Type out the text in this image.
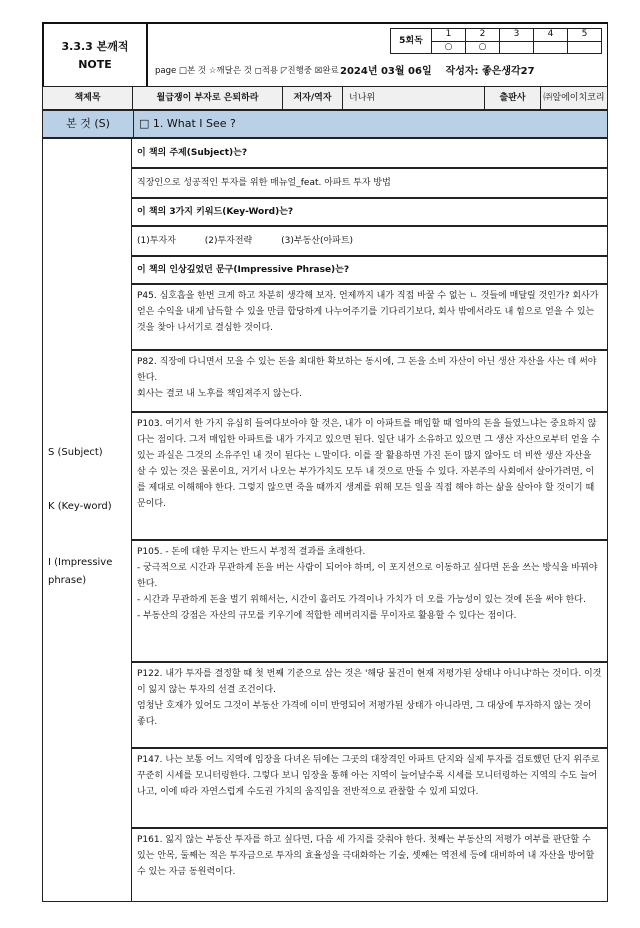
3.3.3 본깨적
NOTE
5회독	1	2	3	4	5
	○	○			
page □본 것 ☆깨달은 것 ◻적용 ◸진행중 ☒완료 2024년 03월 06일 작성자: 좋은생각27
책제목	월급쟁이 부자로 은퇴하라	저자/역자	너나위	출판사	㈜알에이치코리
본 것 (S)	□ 1. What I See ?
S (Subject)
K (Key-word)
I (Impressive
phrase)
이 책의 주제(Subject)는?
직장인으로 성공적인 투자를 위한 매뉴얼_feat. 아파트 투자 방법
이 책의 3가지 키워드(Key-Word)는?
(1)투자자	(2)투자전략	(3)부동산(아파트)
이 책의 인상깊었던 문구(Impressive Phrase)는?

P45. 심호흡을 한번 크게 하고 차분히 생각해 보자. 언제까지 내가 직접 바꿀 수 없는 ㄴ 것들에 매달릴 것인가? 회사가 얻은 수익을 내게 납득할 수 있을 만큼 합당하게 나누어주기를 기다리기보다, 회사 밖에서라도 내 힘으로 얻을 수 있는 것을 찾아 나서기로 결심한 것이다.

P82. 직장에 다니면서 모을 수 있는 돈을 최대한 확보하는 동시에, 그 돈을 소비 자산이 아닌 생산 자산을 사는 데 써야 한다.

회사는 결코 내 노후를 책임져주지 않는다.

P103. 여기서 한 가지 유심히 들여다보아야 할 것은, 내가 이 아파트를 매입할 때 얼마의 돈을 들였느냐는 중요하지 않다는 점이다. 그저 매입한 아파트를 내가 가지고 있으면 된다. 일단 내가 소유하고 있으면 그 생산 자산으로부터 얻을 수 있는 과실은 그것의 소유주인 내 것이 된다는 ㄴ말이다. 이를 잘 활용하면 가진 돈이 많지 않아도 더 비싼 생산 자산을 살 수 있는 것은 물론이요, 거기서 나오는 부가가치도 모두 내 것으로 만들 수 있다. 자본주의 사회에서 살아가려면, 이를 제대로 이해해야 한다. 그렇지 않으면 죽을 때까지 생계를 위해 모든 일을 직접 해야 하는 삶을 살아야 할 것이기 때문이다.

P105. - 돈에 대한 무지는 반드시 부정적 결과를 초래한다.

- 궁극적으로 시간과 무관하게 돈을 버는 사람이 되어야 하며, 이 포지션으로 이동하고 싶다면 돈을 쓰는 방식을 바꿔야 한다.

- 시간과 무관하게 돈을 벌기 위해서는, 시간이 흘러도 가격이나 가치가 더 오를 가능성이 있는 것에 돈을 써야 한다.

- 부동산의 강점은 자산의 규모를 키우기에 적합한 레버리지를 무이자로 활용할 수 있다는 점이다.

P122. 내가 투자를 결정할 때 첫 번째 기준으로 삼는 것은 '해당 물건이 현재 저평가된 상태냐 아니냐'하는 것이다. 이것이 잃지 않는 투자의 선결 조건이다.

엄청난 호재가 있어도 그것이 부동산 가격에 이미 반영되어 저평가된 상태가 아니라면, 그 대상에 투자하지 않는 것이 좋다.

P147. 나는 보통 어느 지역에 임장을 다녀온 뒤에는 그곳의 대장격인 아파트 단지와 실제 투자를 검토했던 단지 위주로 꾸준히 시세를 모니터링한다. 그렇다 보니 임장을 통해 아는 지역이 늘어날수록 시세를 모니터링하는 지역의 수도 늘어나고, 이에 따라 자연스럽게 수도권 가치의 움직임을 전반적으로 관찰할 수 있게 되었다.

P161. 잃지 않는 부동산 투자를 하고 싶다면, 다음 세 가지를 갖춰야 한다. 첫째는 부동산의 저평가 여부를 판단할 수 있는 안목, 둘째는 적은 투자금으로 투자의 효율성을 극대화하는 기술, 셋째는 역전세 등에 대비하여 내 자산을 방어할 수 있는 자금 동원력이다.
